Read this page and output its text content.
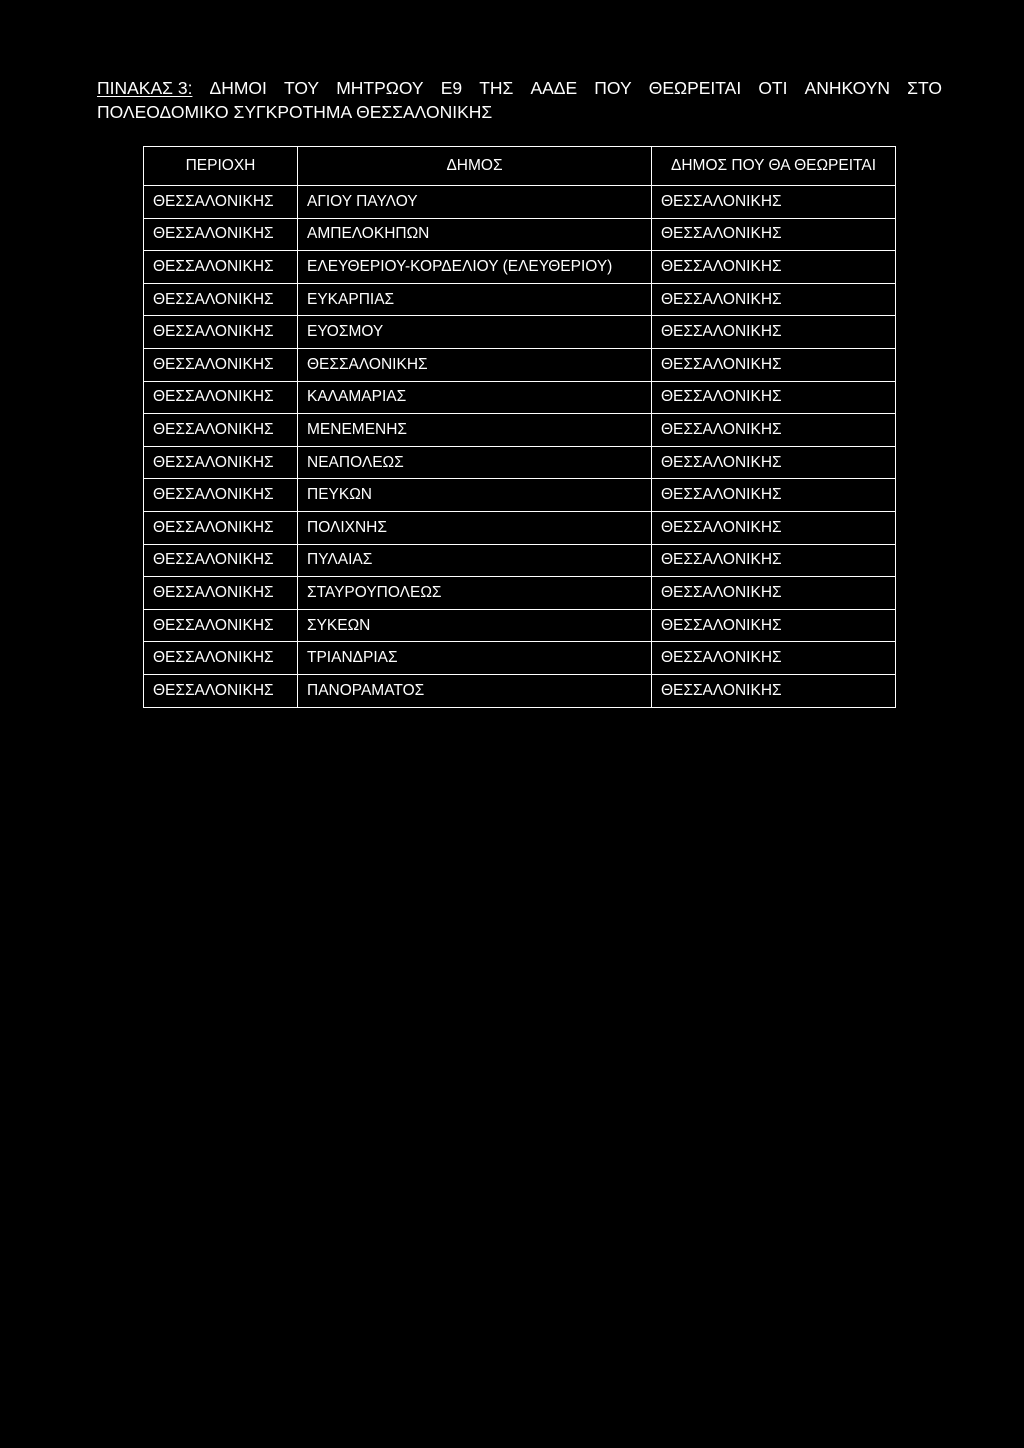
ΠΙΝΑΚΑΣ 3: ΔΗΜΟΙ ΤΟΥ ΜΗΤΡΩΟΥ Ε9 ΤΗΣ ΑΑΔΕ ΠΟΥ ΘΕΩΡΕΙΤΑΙ ΟΤΙ ΑΝΗΚΟΥΝ ΣΤΟ
ΠΟΛΕΟΔΟΜΙΚΟ ΣΥΓΚΡΟΤΗΜΑ ΘΕΣΣΑΛΟΝΙΚΗΣ
ΠΕΡΙΟΧΗ	ΔΗΜΟΣ	ΔΗΜΟΣ ΠΟΥ ΘΑ ΘΕΩΡΕΙΤΑΙ
ΘΕΣΣΑΛΟΝΙΚΗΣ	ΑΓΙΟΥ ΠΑΥΛΟΥ	ΘΕΣΣΑΛΟΝΙΚΗΣ
ΘΕΣΣΑΛΟΝΙΚΗΣ	ΑΜΠΕΛΟΚΗΠΩΝ	ΘΕΣΣΑΛΟΝΙΚΗΣ
ΘΕΣΣΑΛΟΝΙΚΗΣ	ΕΛΕΥΘΕΡΙΟΥ-ΚΟΡΔΕΛΙΟΥ (ΕΛΕΥΘΕΡΙΟΥ)	ΘΕΣΣΑΛΟΝΙΚΗΣ
ΘΕΣΣΑΛΟΝΙΚΗΣ	ΕΥΚΑΡΠΙΑΣ	ΘΕΣΣΑΛΟΝΙΚΗΣ
ΘΕΣΣΑΛΟΝΙΚΗΣ	ΕΥΟΣΜΟΥ	ΘΕΣΣΑΛΟΝΙΚΗΣ
ΘΕΣΣΑΛΟΝΙΚΗΣ	ΘΕΣΣΑΛΟΝΙΚΗΣ	ΘΕΣΣΑΛΟΝΙΚΗΣ
ΘΕΣΣΑΛΟΝΙΚΗΣ	ΚΑΛΑΜΑΡΙΑΣ	ΘΕΣΣΑΛΟΝΙΚΗΣ
ΘΕΣΣΑΛΟΝΙΚΗΣ	ΜΕΝΕΜΕΝΗΣ	ΘΕΣΣΑΛΟΝΙΚΗΣ
ΘΕΣΣΑΛΟΝΙΚΗΣ	ΝΕΑΠΟΛΕΩΣ	ΘΕΣΣΑΛΟΝΙΚΗΣ
ΘΕΣΣΑΛΟΝΙΚΗΣ	ΠΕΥΚΩΝ	ΘΕΣΣΑΛΟΝΙΚΗΣ
ΘΕΣΣΑΛΟΝΙΚΗΣ	ΠΟΛΙΧΝΗΣ	ΘΕΣΣΑΛΟΝΙΚΗΣ
ΘΕΣΣΑΛΟΝΙΚΗΣ	ΠΥΛΑΙΑΣ	ΘΕΣΣΑΛΟΝΙΚΗΣ
ΘΕΣΣΑΛΟΝΙΚΗΣ	ΣΤΑΥΡΟΥΠΟΛΕΩΣ	ΘΕΣΣΑΛΟΝΙΚΗΣ
ΘΕΣΣΑΛΟΝΙΚΗΣ	ΣΥΚΕΩΝ	ΘΕΣΣΑΛΟΝΙΚΗΣ
ΘΕΣΣΑΛΟΝΙΚΗΣ	ΤΡΙΑΝΔΡΙΑΣ	ΘΕΣΣΑΛΟΝΙΚΗΣ
ΘΕΣΣΑΛΟΝΙΚΗΣ	ΠΑΝΟΡΑΜΑΤΟΣ	ΘΕΣΣΑΛΟΝΙΚΗΣ
